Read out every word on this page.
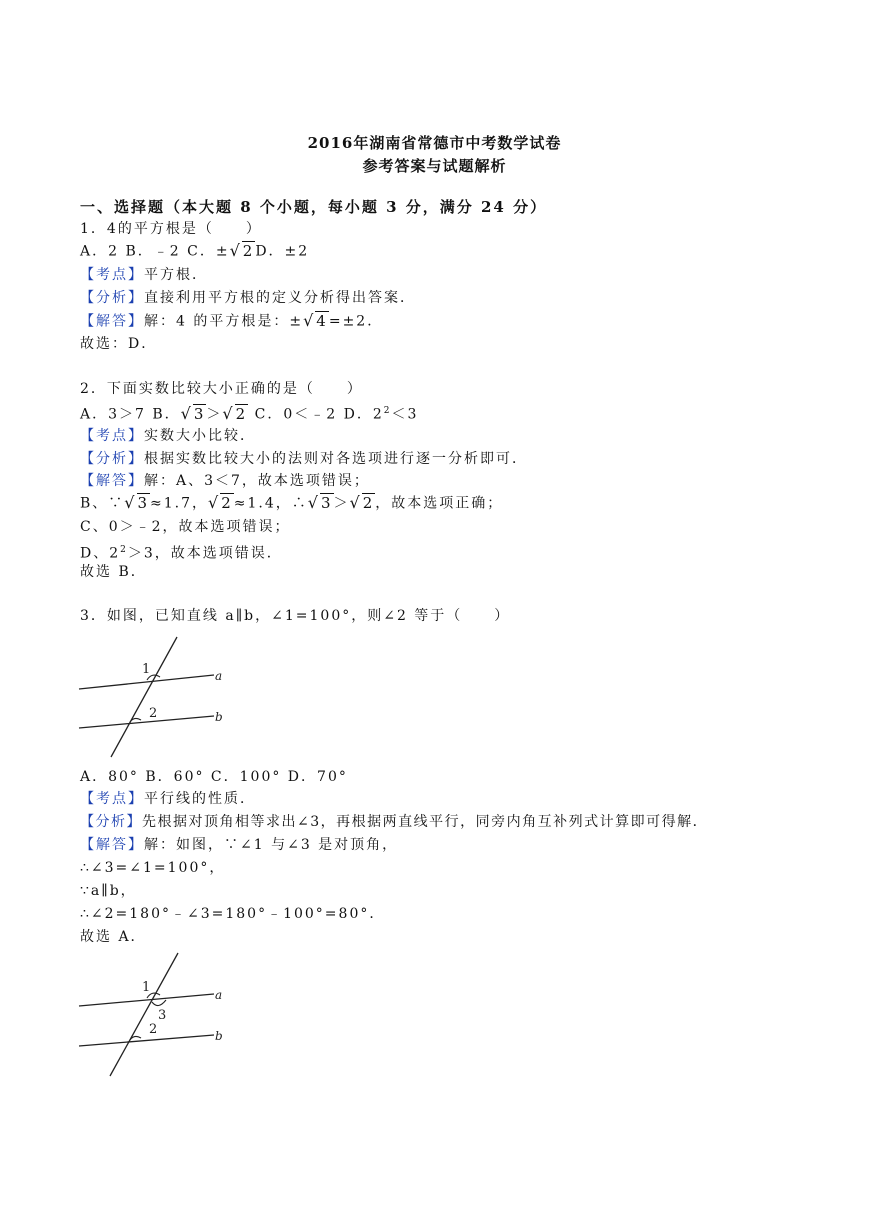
2016年湖南省常德市中考数学试卷
参考答案与试题解析
一、选择题（本大题 8 个小题，每小题 3 分，满分 24 分）
1．4的平方根是（　　）
A．2 B．﹣2 C．±√2D．±2
【考点】平方根．
【分析】直接利用平方根的定义分析得出答案．
【解答】解：4 的平方根是：±√4=±2．
故选：D．
2．下面实数比较大小正确的是（　　）
A．3＞7 B．√3＞√2 C．0＜﹣2 D．$2^2<3$
【考点】实数大小比较．
【分析】根据实数比较大小的法则对各选项进行逐一分析即可．
【解答】解：A、3＜7，故本选项错误；
B、∵√3≈1.7，√2≈1.4，∴√3＞√2，故本选项正确；
C、0＞﹣2，故本选项错误；
D、$2^2>3$，故本选项错误．
故选 B．
3．如图，已知直线 a∥b，∠1=100°，则∠2 等于（　　）
1
2
a
b
A．80° B．60° C．100° D．70°
【考点】平行线的性质．
【分析】先根据对顶角相等求出∠3，再根据两直线平行，同旁内角互补列式计算即可得解．
【解答】解：如图，∵∠1 与∠3 是对顶角，
∴∠3=∠1=100°，
∵a∥b，
∴∠2=180°﹣∠3=180°﹣100°=80°．
故选 A．
1
3
2
a
b
